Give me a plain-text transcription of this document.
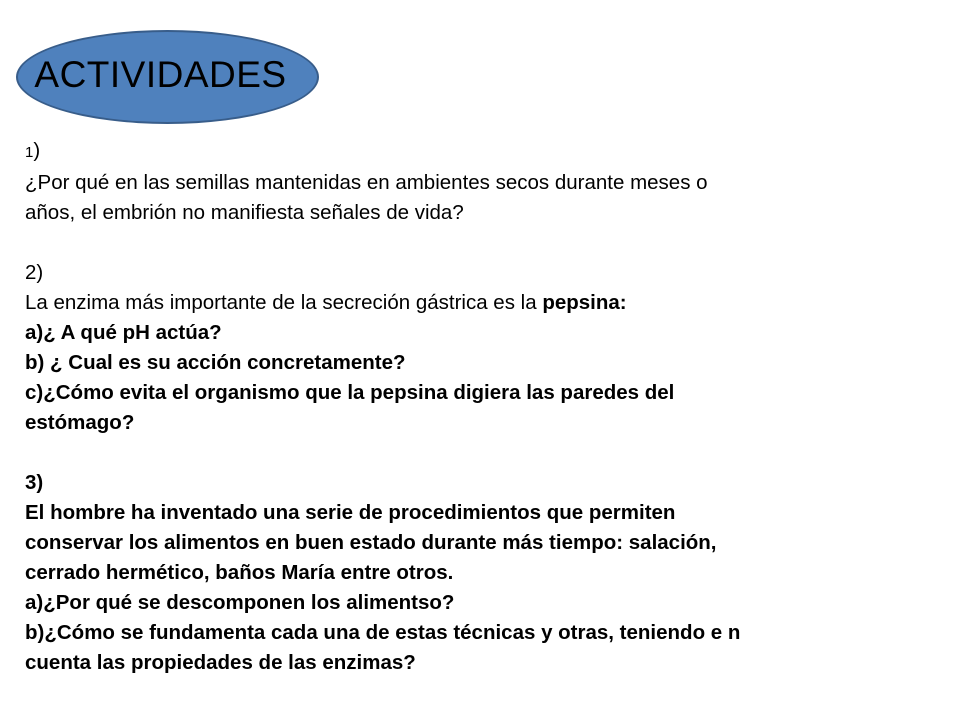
ACTIVIDADES
1)
¿Por qué en las semillas mantenidas en ambientes secos durante meses o
años, el embrión no manifiesta señales de vida?
2)
La enzima más importante de la secreción gástrica es la pepsina:
a)¿ A qué pH actúa?
b) ¿ Cual es su acción concretamente?
c)¿Cómo evita el organismo que la pepsina digiera las paredes del
estómago?
3)
El hombre ha inventado una serie de procedimientos que permiten
conservar los alimentos en buen estado durante más tiempo: salación,
cerrado hermético, baños María entre otros.
a)¿Por qué se descomponen los alimentsо?
b)¿Cómo se fundamenta cada una de estas técnicas y otras, teniendo e n
cuenta las propiedades de las enzimas?
